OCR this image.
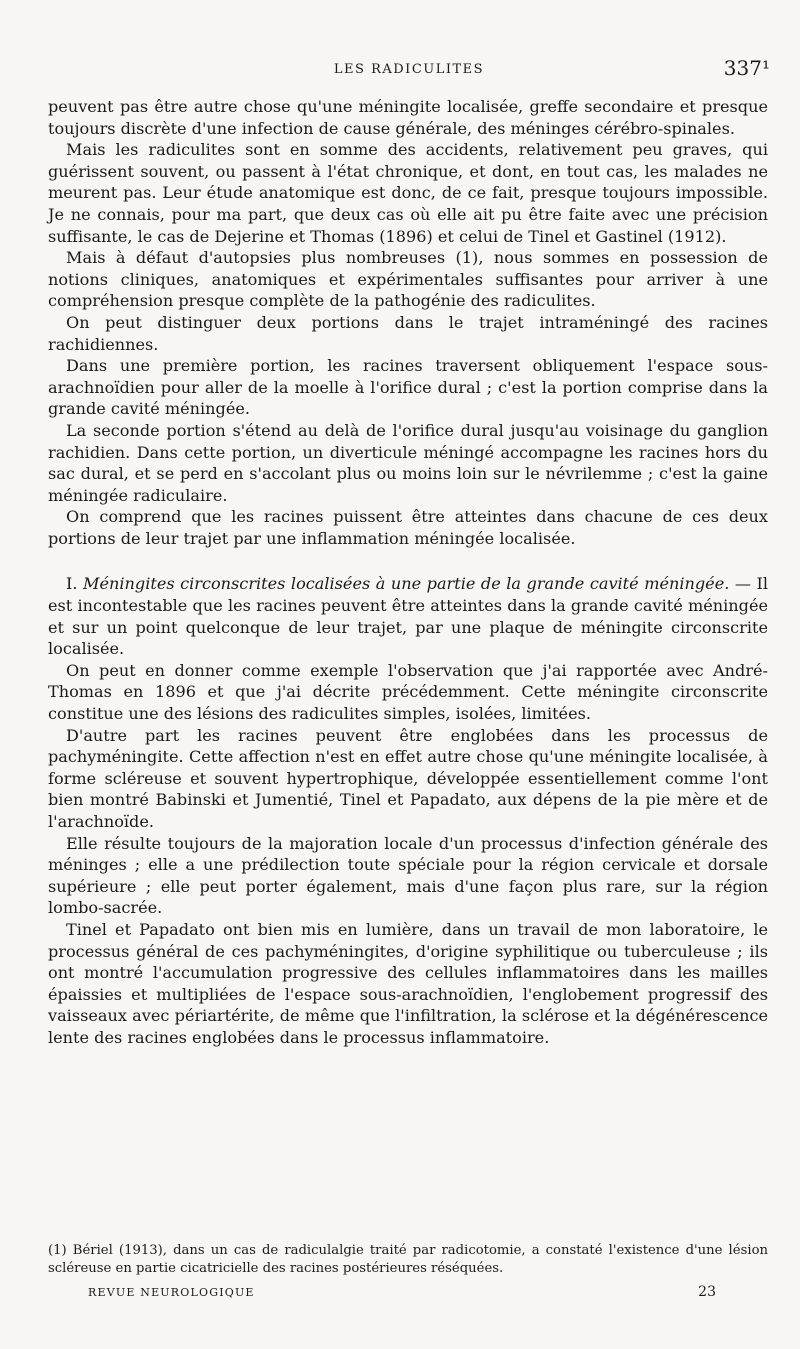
LES RADICULITES	337¹

peuvent pas être autre chose qu'une méningite localisée, greffe secondaire et presque toujours discrète d'une infection de cause générale, des méninges cérébro-spinales.

Mais les radiculites sont en somme des accidents, relativement peu graves, qui guérissent souvent, ou passent à l'état chronique, et dont, en tout cas, les malades ne meurent pas. Leur étude anatomique est donc, de ce fait, presque toujours impossible. Je ne connais, pour ma part, que deux cas où elle ait pu être faite avec une précision suffisante, le cas de Dejerine et Thomas (1896) et celui de Tinel et Gastinel (1912).

Mais à défaut d'autopsies plus nombreuses (1), nous sommes en possession de notions cliniques, anatomiques et expérimentales suffisantes pour arriver à une compréhension presque complète de la pathogénie des radiculites.

On peut distinguer deux portions dans le trajet intraméningé des racines rachidiennes.

Dans une première portion, les racines traversent obliquement l'espace sous-arachnoïdien pour aller de la moelle à l'orifice dural ; c'est la portion comprise dans la grande cavité méningée.

La seconde portion s'étend au delà de l'orifice dural jusqu'au voisinage du ganglion rachidien. Dans cette portion, un diverticule méningé accompagne les racines hors du sac dural, et se perd en s'accolant plus ou moins loin sur le névrilemme ; c'est la gaine méningée radiculaire.

On comprend que les racines puissent être atteintes dans chacune de ces deux portions de leur trajet par une inflammation méningée localisée.

I. Méningites circonscrites localisées à une partie de la grande cavité méningée. — Il est incontestable que les racines peuvent être atteintes dans la grande cavité méningée et sur un point quelconque de leur trajet, par une plaque de méningite circonscrite localisée.

On peut en donner comme exemple l'observation que j'ai rapportée avec André-Thomas en 1896 et que j'ai décrite précédemment. Cette méningite circonscrite constitue une des lésions des radiculites simples, isolées, limitées.

D'autre part les racines peuvent être englobées dans les processus de pachyméningite. Cette affection n'est en effet autre chose qu'une méningite localisée, à forme scléreuse et souvent hypertrophique, développée essentiellement comme l'ont bien montré Babinski et Jumentié, Tinel et Papadato, aux dépens de la pie mère et de l'arachnoïde.

Elle résulte toujours de la majoration locale d'un processus d'infection générale des méninges ; elle a une prédilection toute spéciale pour la région cervicale et dorsale supérieure ; elle peut porter également, mais d'une façon plus rare, sur la région lombo-sacrée.

Tinel et Papadato ont bien mis en lumière, dans un travail de mon laboratoire, le processus général de ces pachyméningites, d'origine syphilitique ou tuberculeuse ; ils ont montré l'accumulation progressive des cellules inflammatoires dans les mailles épaissies et multipliées de l'espace sous-arachnoïdien, l'englobement progressif des vaisseaux avec périartérite, de même que l'infiltration, la sclérose et la dégénérescence lente des racines englobées dans le processus inflammatoire.

(1) Bériel (1913), dans un cas de radiculalgie traité par radicotomie, a constaté l'existence d'une lésion scléreuse en partie cicatricielle des racines postérieures réséquées.
REVUE NEUROLOGIQUE	23
